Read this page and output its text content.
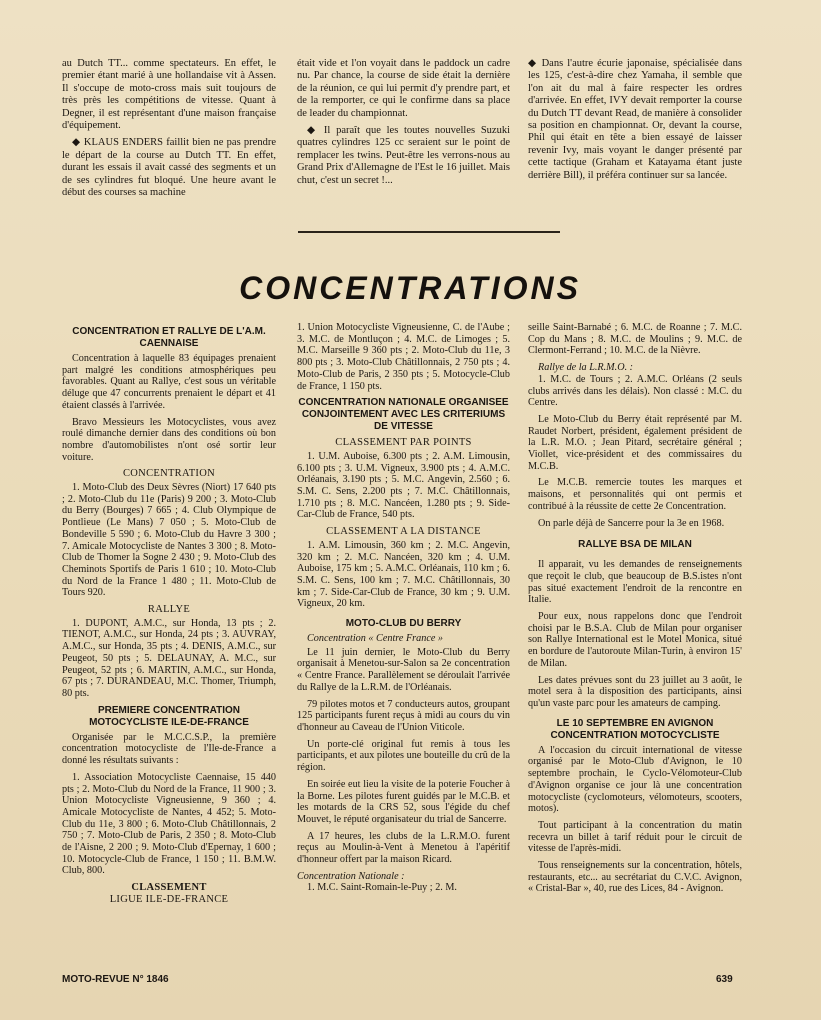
au Dutch TT... comme spectateurs. En effet, le premier étant marié à une hollandaise vit à Assen. Il s'occupe de moto-cross mais suit toujours de très près les compétitions de vitesse. Quant à Degner, il est représentant d'une maison française d'équipement.

◆ KLAUS ENDERS faillit bien ne pas prendre le départ de la course au Dutch TT. En effet, durant les essais il avait cassé des segments et un de ses cylindres fut bloqué. Une heure avant le début des courses sa machine

était vide et l'on voyait dans le paddock un cadre nu. Par chance, la course de side était la dernière de la réunion, ce qui lui permit d'y prendre part, et de la remporter, ce qui le confirme dans sa place de leader du championnat.

◆ Il paraît que les toutes nouvelles Suzuki quatres cylindres 125 cc seraient sur le point de remplacer les twins. Peut-être les verrons-nous au Grand Prix d'Allemagne de l'Est le 16 juillet. Mais chut, c'est un secret !...

◆ Dans l'autre écurie japonaise, spécialisée dans les 125, c'est-à-dire chez Yamaha, il semble que l'on ait du mal à faire respecter les ordres d'arrivée. En effet, IVY devait remporter la course du Dutch TT devant Read, de manière à consolider sa position en championnat. Or, devant la course, Phil qui était en tête a bien essayé de laisser revenir Ivy, mais voyant le danger présenté par cette tactique (Graham et Katayama étant juste derrière Bill), il préféra continuer sur sa lancée.

CONCENTRATIONS
CONCENTRATION ET RALLYE DE L'A.M. CAENNAISE

Concentration à laquelle 83 équipages prenaient part malgré les conditions atmosphériques peu favorables. Quant au Rallye, c'est sous un véritable déluge que 47 concurrents prenaient le départ et 41 étaient classés à l'arrivée.

Bravo Messieurs les Motocyclistes, vous avez roulé dimanche dernier dans des conditions où bon nombre d'automobilistes n'ont osé sortir leur voiture.

CONCENTRATION

1. Moto-Club des Deux Sèvres (Niort) 17 640 pts ; 2. Moto-Club du 11e (Paris) 9 200 ; 3. Moto-Club du Berry (Bourges) 7 665 ; 4. Club Olympique de Pontlieue (Le Mans) 7 050 ; 5. Moto-Club de Bondeville 5 590 ; 6. Moto-Club du Havre 3 300 ; 7. Amicale Motocycliste de Nantes 3 300 ; 8. Moto-Club de Thomer la Sogne 2 430 ; 9. Moto-Club des Cheminots Sportifs de Paris 1 610 ; 10. Moto-Club du Nord de la France 1 480 ; 11. Moto-Club de Tours 920.

RALLYE

1. DUPONT, A.M.C., sur Honda, 13 pts ; 2. TIENOT, A.M.C., sur Honda, 24 pts ; 3. AUVRAY, A.M.C., sur Honda, 35 pts ; 4. DENIS, A.M.C., sur Peugeot, 50 pts ; 5. DELAUNAY, A. M.C., sur Peugeot, 52 pts ; 6. MARTIN, A.M.C., sur Honda, 67 pts ; 7. DURANDEAU, M.C. Thomer, Triumph, 80 pts.

PREMIERE CONCENTRATION MOTOCYCLISTE ILE-DE-FRANCE

Organisée par le M.C.C.S.P., la première concentration motocycliste de l'Ile-de-France a donné les résultats suivants :

1. Association Motocycliste Caennaise, 15 440 pts ; 2. Moto-Club du Nord de la France, 11 900 ; 3. Union Motocycliste Vigneusienne, 9 360 ; 4. Amicale Motocycliste de Nantes, 4 452; 5. Moto-Club du 11e, 3 800 ; 6. Moto-Club Châtillonnais, 2 750 ; 7. Moto-Club de Paris, 2 350 ; 8. Moto-Club de l'Aisne, 2 200 ; 9. Moto-Club d'Epernay, 1 600 ; 10. Motocycle-Club de France, 1 150 ; 11. B.M.W. Club, 800.

CLASSEMENT
LIGUE ILE-DE-FRANCE

1. Union Motocycliste Vigneusienne, C. de l'Aube ; 3. M.C. de Montluçon ; 4. M.C. de Limoges ; 5. M.C. Marseille 9 360 pts ; 2. Moto-Club du 11e, 3 800 pts ; 3. Moto-Club Châtillonnais, 2 750 pts ; 4. Moto-Club de Paris, 2 350 pts ; 5. Motocycle-Club de France, 1 150 pts.

CONCENTRATION NATIONALE ORGANISEE CONJOINTEMENT AVEC LES CRITERIUMS DE VITESSE
CLASSEMENT PAR POINTS

1. U.M. Auboise, 6.300 pts ; 2. A.M. Limousin, 6.100 pts ; 3. U.M. Vigneux, 3.900 pts ; 4. A.M.C. Orléanais, 3.190 pts ; 5. M.C. Angevin, 2.560 ; 6. S.M. C. Sens, 2.200 pts ; 7. M.C. Châtillonnais, 1.710 pts ; 8. M.C. Nancéen, 1.280 pts ; 9. Side-Car-Club de France, 540 pts.

CLASSEMENT A LA DISTANCE

1. A.M. Limousin, 360 km ; 2. M.C. Angevin, 320 km ; 2. M.C. Nancéen, 320 km ; 4. U.M. Auboise, 175 km ; 5. A.M.C. Orléanais, 110 km ; 6. S.M. C. Sens, 100 km ; 7. M.C. Châtillonnais, 30 km ; 7. Side-Car-Club de France, 30 km ; 9. U.M. Vigneux, 20 km.

MOTO-CLUB DU BERRY

Concentration « Centre France »

Le 11 juin dernier, le Moto-Club du Berry organisait à Menetou-sur-Salon sa 2e concentration « Centre France. Parallèlement se déroulait l'arrivée du Rallye de la L.R.M. de l'Orléanais.

79 pilotes motos et 7 conducteurs autos, groupant 125 participants furent reçus à midi au cours du vin d'honneur au Caveau de l'Union Viticole.

Un porte-clé original fut remis à tous les participants, et aux pilotes une bouteille du crû de la région.

En soirée eut lieu la visite de la poterie Foucher à la Borne. Les pilotes furent guidés par le M.C.B. et les motards de la CRS 52, sous l'égide du chef Mouvet, le réputé organisateur du trial de Sancerre.

A 17 heures, les clubs de la L.R.M.O. furent reçus au Moulin-à-Vent à Menetou à l'apéritif d'honneur offert par la maison Ricard.

Concentration Nationale :

1. M.C. Saint-Romain-le-Puy ; 2. M.

seille Saint-Barnabé ; 6. M.C. de Roanne ; 7. M.C. Cop du Mans ; 8. M.C. de Moulins ; 9. M.C. de Clermont-Ferrand ; 10. M.C. de la Nièvre.

Rallye de la L.R.M.O. :

1. M.C. de Tours ; 2. A.M.C. Orléans (2 seuls clubs arrivés dans les délais). Non classé : M.C. du Centre.

Le Moto-Club du Berry était représenté par M. Raudet Norbert, président, également président de la L.R. M.O. ; Jean Pitard, secrétaire général ; Viollet, vice-président et des commissaires du M.C.B.

Le M.C.B. remercie toutes les marques et maisons, et personnalités qui ont permis et contribué à la réussite de cette 2e Concentration.

On parle déjà de Sancerre pour la 3e en 1968.

RALLYE BSA DE MILAN

Il apparait, vu les demandes de renseignements que reçoit le club, que beaucoup de B.S.istes n'ont pas situé exactement l'endroit de la rencontre en Italie.

Pour eux, nous rappelons donc que l'endroit choisi par le B.S.A. Club de Milan pour organiser son Rallye International est le Motel Monica, situé en bordure de l'autoroute Milan-Turin, à environ 15' de Milan.

Les dates prévues sont du 23 juillet au 3 août, le motel sera à la disposition des participants, ainsi qu'un vaste parc pour les amateurs de camping.

LE 10 SEPTEMBRE EN AVIGNON CONCENTRATION MOTOCYCLISTE

A l'occasion du circuit international de vitesse organisé par le Moto-Club d'Avignon, le 10 septembre prochain, le Cyclo-Vélomoteur-Club d'Avignon organise ce jour là une concentration motocycliste (cyclomoteurs, vélomoteurs, scooters, motos).

Tout participant à la concentration du matin recevra un billet à tarif réduit pour le circuit de vitesse de l'après-midi.

Tous renseignements sur la concentration, hôtels, restaurants, etc... au secrétariat du C.V.C. Avignon, « Cristal-Bar », 40, rue des Lices, 84 - Avignon.

MOTO-REVUE N° 1846	639
